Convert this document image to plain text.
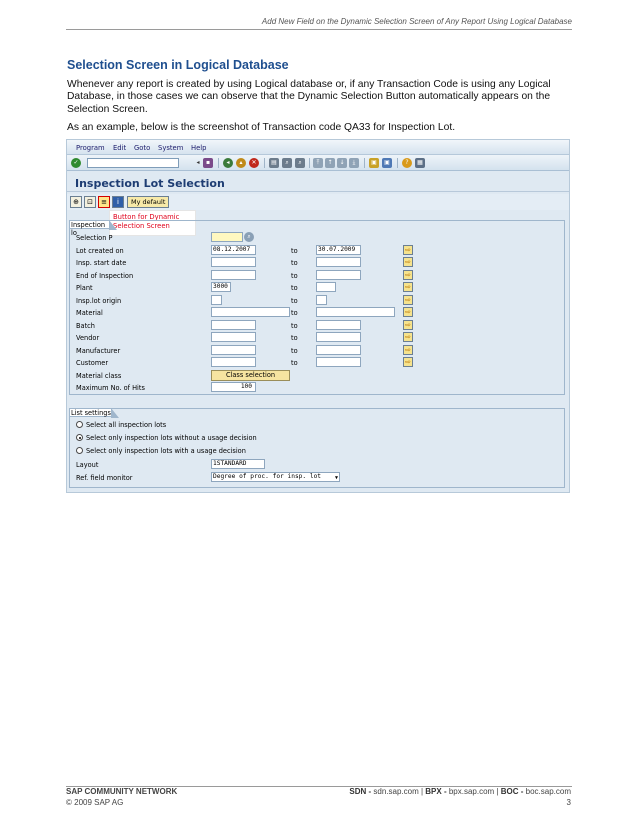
Add New Field on the Dynamic Selection Screen of Any Report Using Logical Database
Selection Screen in Logical Database
Whenever any report is created by using Logical database or, if any Transaction Code is using any Logical Database, in those cases we can observe that the Dynamic Selection Button automatically appears on the Selection Screen.
As an example, below is the screenshot of Transaction code QA33 for Inspection Lot.
Program Edit Goto System Help
✓	◂	▪	◂	▴	✕	▤	⌕	⌕	⤒	↑	↓	⤓	▣	▣	?	▦
Inspection Lot Selection
⊕	⊡	≡	i	My default
Button for Dynamic
Selection Screen
Inspection lo
Selection P	⌕
Lot created on	08.12.2007	to	30.07.2009	⇨
Insp. start date	to	⇨
End of Inspection	to	⇨
Plant	3000	to	⇨
Insp.lot origin	to	⇨
Material	to	⇨
Batch	to	⇨
Vendor	to	⇨
Manufacturer	to	⇨
Customer	to	⇨
Material class	Class selection
Maximum No. of Hits	100
List settings
Select all inspection lots
Select only inspection lots without a usage decision
Select only inspection lots with a usage decision
Layout	1STANDARD
Ref. field monitor	Degree of proc. for insp. lot	▼
SAP COMMUNITY NETWORK	SDN - sdn.sap.com | BPX - bpx.sap.com | BOC - boc.sap.com
© 2009 SAP AG	3
